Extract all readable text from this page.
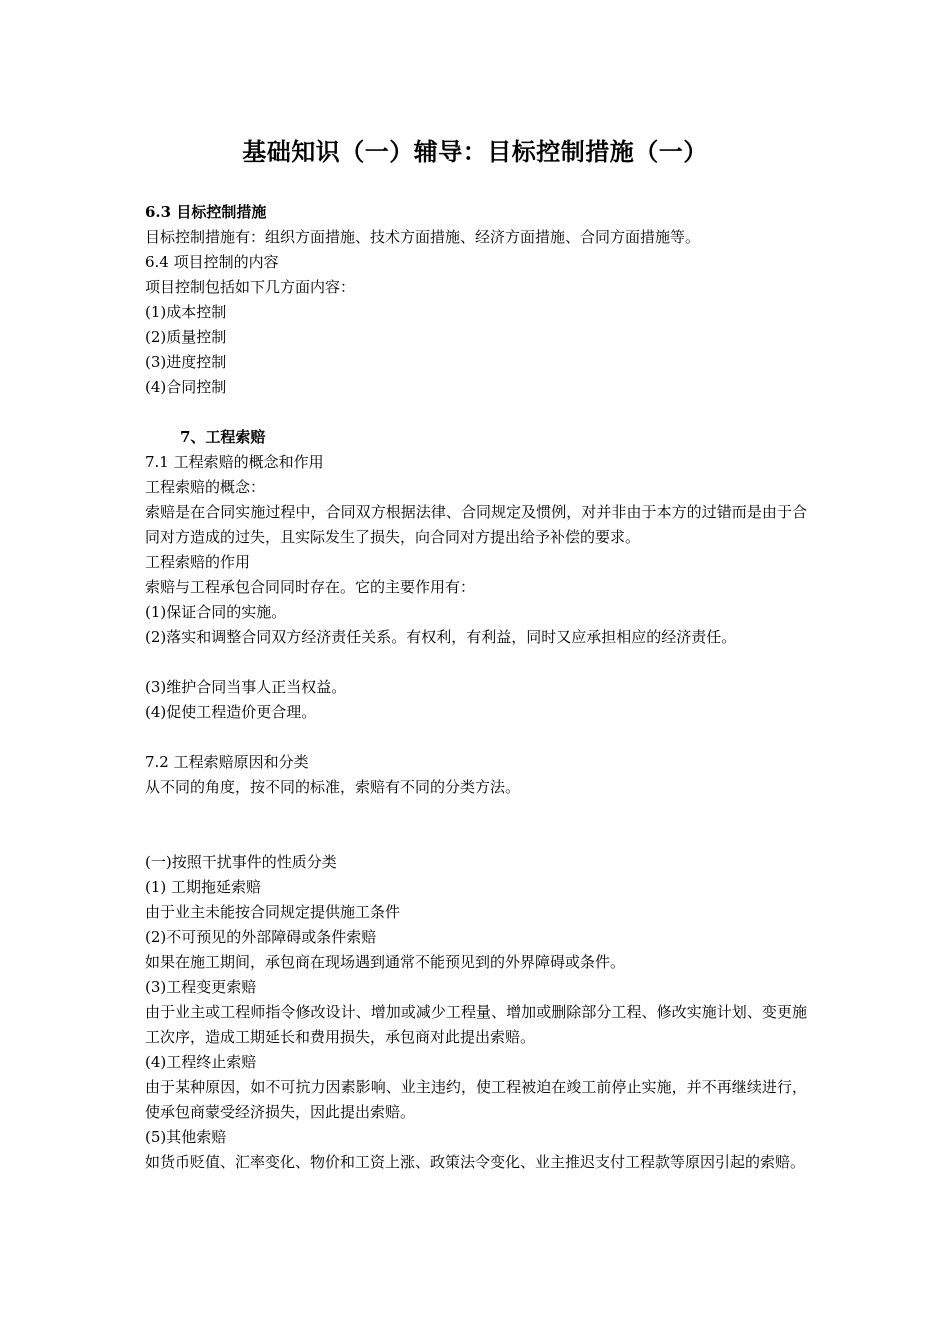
基础知识（一）辅导：目标控制措施（一）
6.3 目标控制措施
目标控制措施有：组织方面措施、技术方面措施、经济方面措施、合同方面措施等。
6.4 项目控制的内容
项目控制包括如下几方面内容：
(1)成本控制
(2)质量控制
(3)进度控制
(4)合同控制
7、工程索赔
7.1 工程索赔的概念和作用
工程索赔的概念：
索赔是在合同实施过程中，合同双方根据法律、合同规定及惯例，对并非由于本方的过错而是由于合同对方造成的过失，且实际发生了损失，向合同对方提出给予补偿的要求。
工程索赔的作用
索赔与工程承包合同同时存在。它的主要作用有：
(1)保证合同的实施。
(2)落实和调整合同双方经济责任关系。有权利，有利益，同时又应承担相应的经济责任。
(3)维护合同当事人正当权益。
(4)促使工程造价更合理。
7.2 工程索赔原因和分类
从不同的角度，按不同的标准，索赔有不同的分类方法。
(一)按照干扰事件的性质分类
(1) 工期拖延索赔
由于业主未能按合同规定提供施工条件
(2)不可预见的外部障碍或条件索赔
如果在施工期间，承包商在现场遇到通常不能预见到的外界障碍或条件。
(3)工程变更索赔
由于业主或工程师指令修改设计、增加或减少工程量、增加或删除部分工程、修改实施计划、变更施工次序，造成工期延长和费用损失，承包商对此提出索赔。
(4)工程终止索赔
由于某种原因，如不可抗力因素影响、业主违约，使工程被迫在竣工前停止实施，并不再继续进行，使承包商蒙受经济损失，因此提出索赔。
(5)其他索赔
如货币贬值、汇率变化、物价和工资上涨、政策法令变化、业主推迟支付工程款等原因引起的索赔。
